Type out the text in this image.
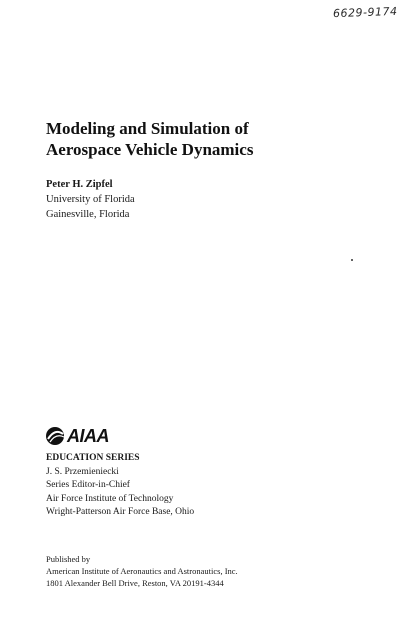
6629-9174
Modeling and Simulation of
Aerospace Vehicle Dynamics
Peter H. Zipfel
University of Florida
Gainesville, Florida
AIAA
EDUCATION SERIES
J. S. Przemieniecki
Series Editor-in-Chief
Air Force Institute of Technology
Wright-Patterson Air Force Base, Ohio
Published by
American Institute of Aeronautics and Astronautics, Inc.
1801 Alexander Bell Drive, Reston, VA 20191-4344
